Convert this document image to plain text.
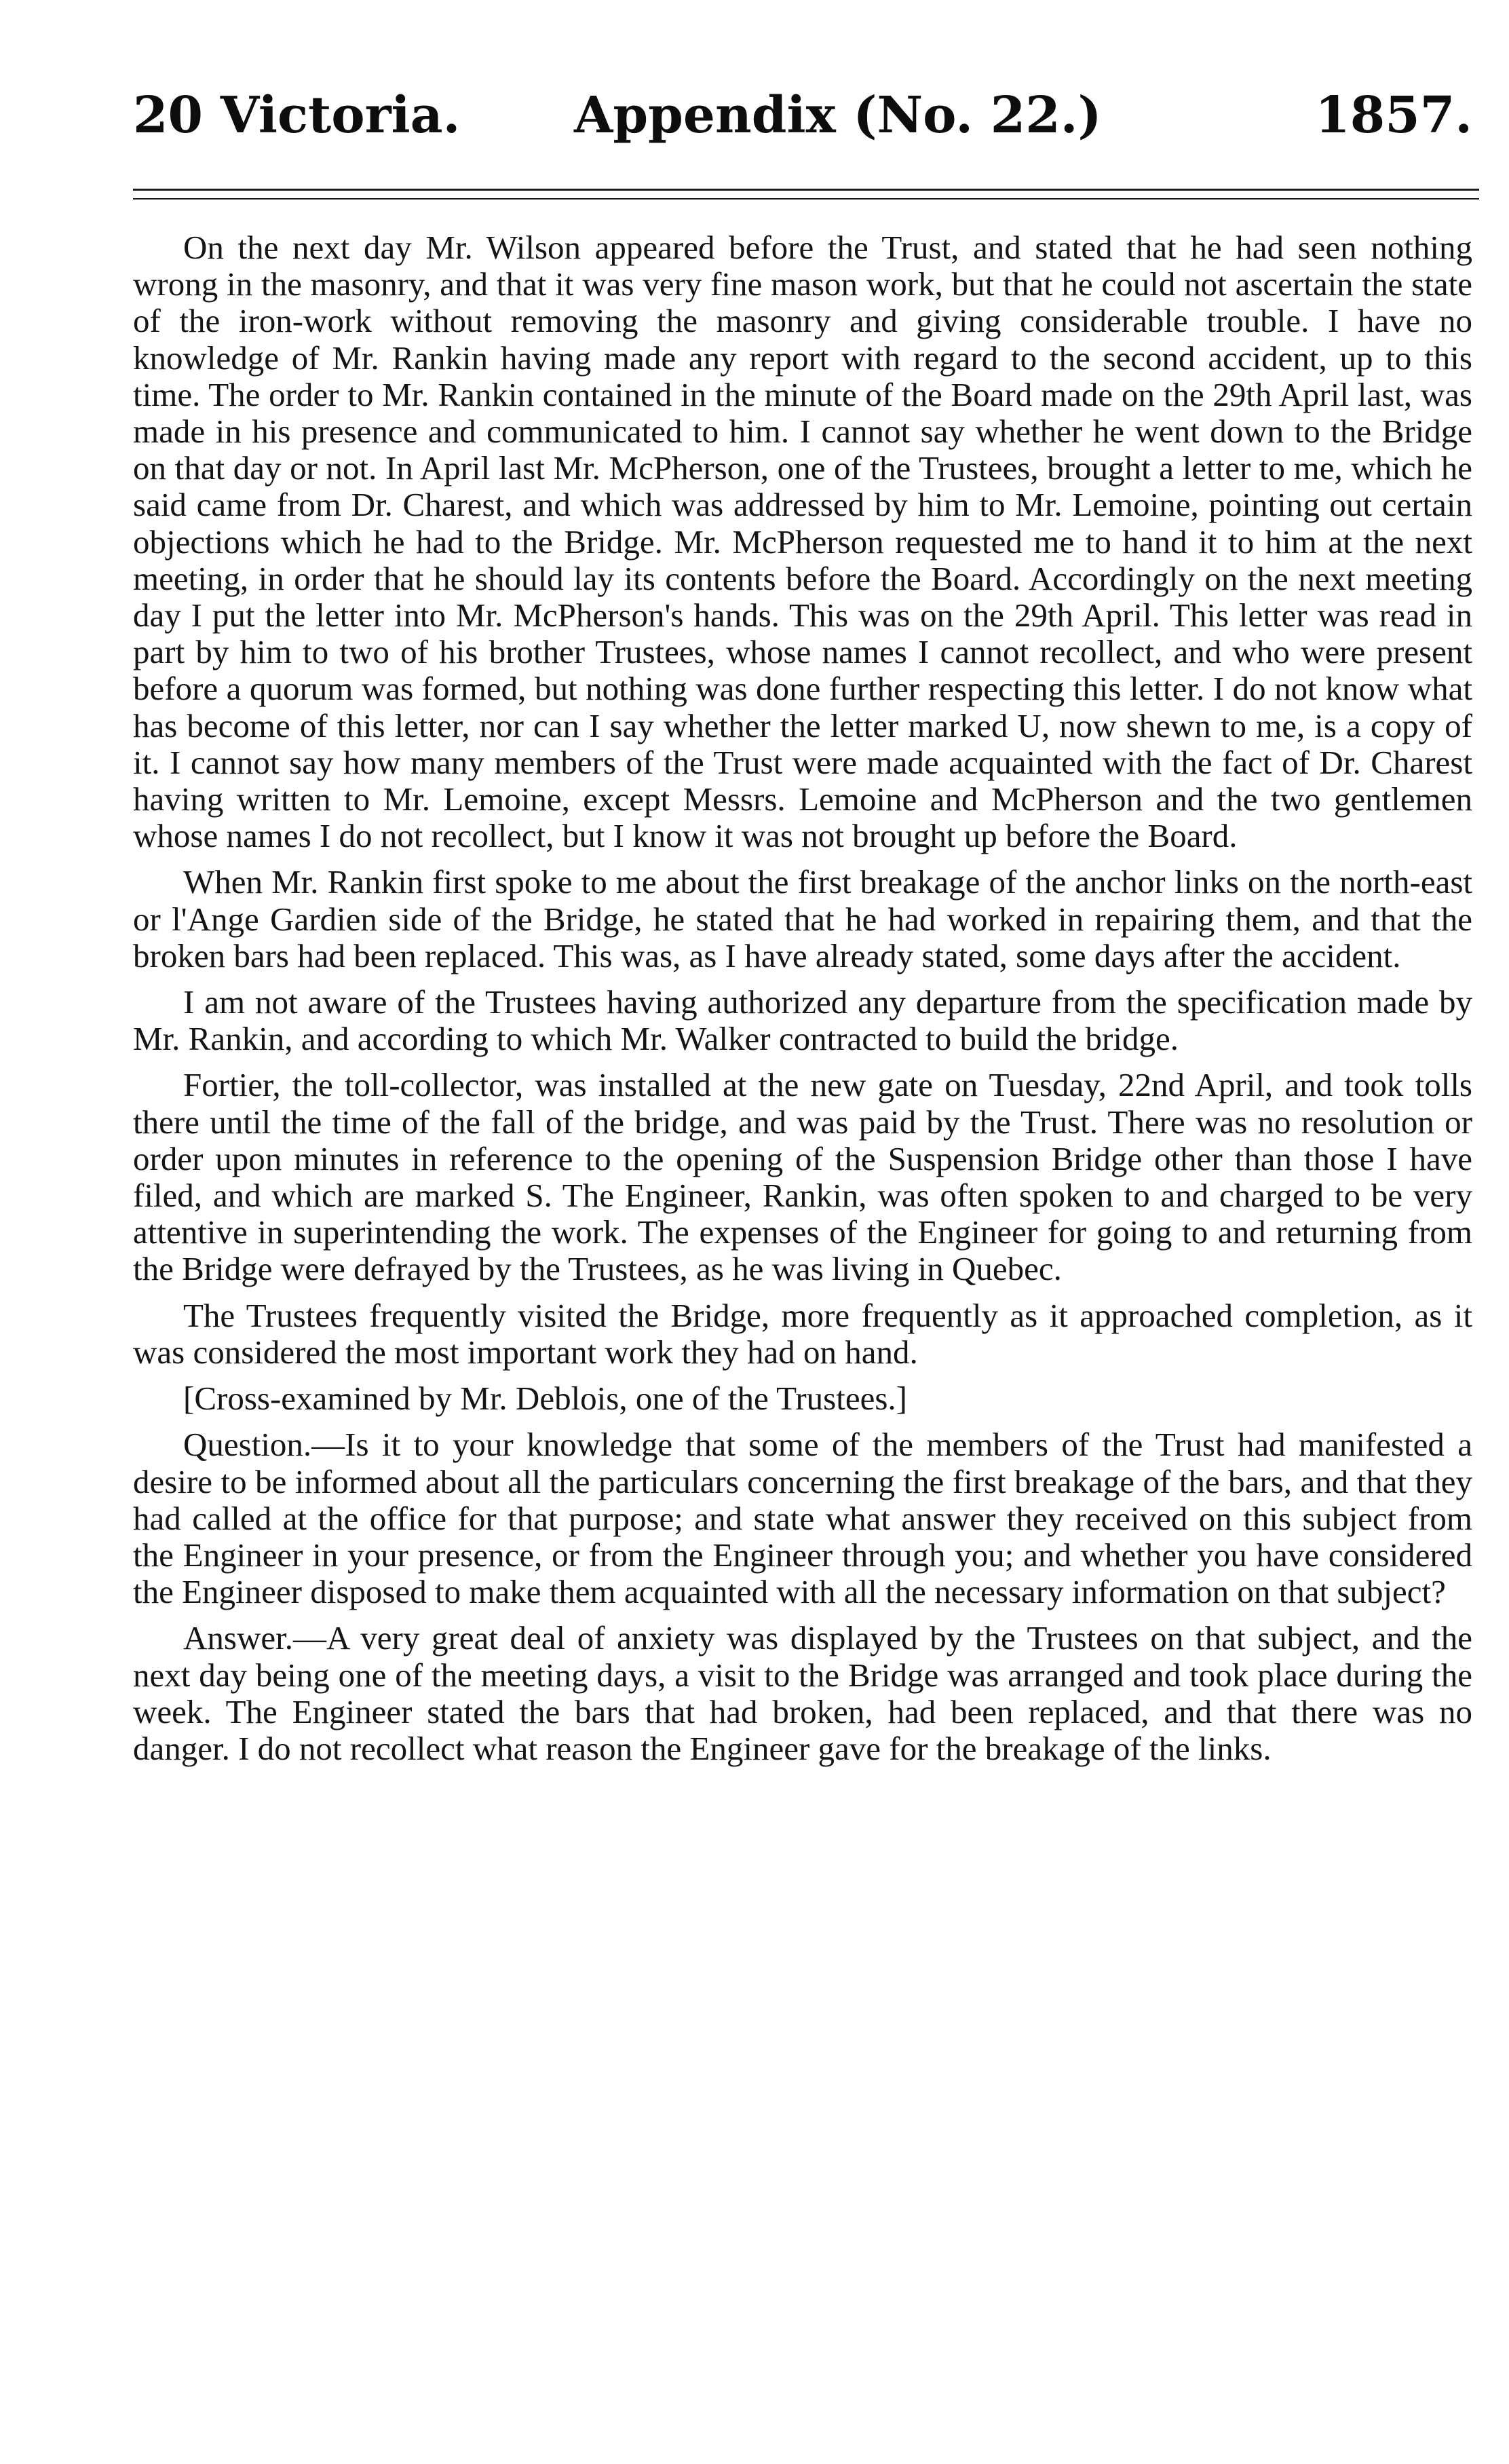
20 Victoria. Appendix (No. 22.)	1857.

On the next day Mr. Wilson appeared before the Trust, and stated that he had seen nothing wrong in the masonry, and that it was very fine mason work, but that he could not ascertain the state of the iron-work without removing the masonry and giving considerable trouble. I have no knowledge of Mr. Rankin having made any report with regard to the second accident, up to this time. The order to Mr. Rankin contained in the minute of the Board made on the 29th April last, was made in his presence and communicated to him. I cannot say whether he went down to the Bridge on that day or not. In April last Mr. McPherson, one of the Trustees, brought a letter to me, which he said came from Dr. Charest, and which was addressed by him to Mr. Lemoine, pointing out certain objections which he had to the Bridge. Mr. McPherson requested me to hand it to him at the next meeting, in order that he should lay its contents before the Board. Accordingly on the next meeting day I put the letter into Mr. McPherson's hands. This was on the 29th April. This letter was read in part by him to two of his brother Trustees, whose names I cannot recollect, and who were present before a quorum was formed, but nothing was done further respecting this letter. I do not know what has become of this letter, nor can I say whether the letter marked U, now shewn to me, is a copy of it. I cannot say how many members of the Trust were made acquainted with the fact of Dr. Charest having written to Mr. Lemoine, except Messrs. Lemoine and McPherson and the two gentlemen whose names I do not recollect, but I know it was not brought up before the Board.

When Mr. Rankin first spoke to me about the first breakage of the anchor links on the north-east or l'Ange Gardien side of the Bridge, he stated that he had worked in repairing them, and that the broken bars had been replaced. This was, as I have already stated, some days after the accident.

I am not aware of the Trustees having authorized any departure from the specification made by Mr. Rankin, and according to which Mr. Walker contracted to build the bridge.

Fortier, the toll-collector, was installed at the new gate on Tuesday, 22nd April, and took tolls there until the time of the fall of the bridge, and was paid by the Trust. There was no resolution or order upon minutes in reference to the opening of the Suspension Bridge other than those I have filed, and which are marked S. The Engineer, Rankin, was often spoken to and charged to be very attentive in superintending the work. The expenses of the Engineer for going to and returning from the Bridge were defrayed by the Trustees, as he was living in Quebec.

The Trustees frequently visited the Bridge, more frequently as it approached completion, as it was considered the most important work they had on hand.

[Cross-examined by Mr. Deblois, one of the Trustees.]

Question.—Is it to your knowledge that some of the members of the Trust had manifested a desire to be informed about all the particulars concerning the first breakage of the bars, and that they had called at the office for that purpose; and state what answer they received on this subject from the Engineer in your presence, or from the Engineer through you; and whether you have considered the Engineer disposed to make them acquainted with all the necessary information on that subject?

Answer.—A very great deal of anxiety was displayed by the Trustees on that subject, and the next day being one of the meeting days, a visit to the Bridge was arranged and took place during the week. The Engineer stated the bars that had broken, had been replaced, and that there was no danger. I do not recollect what reason the Engineer gave for the breakage of the links.
